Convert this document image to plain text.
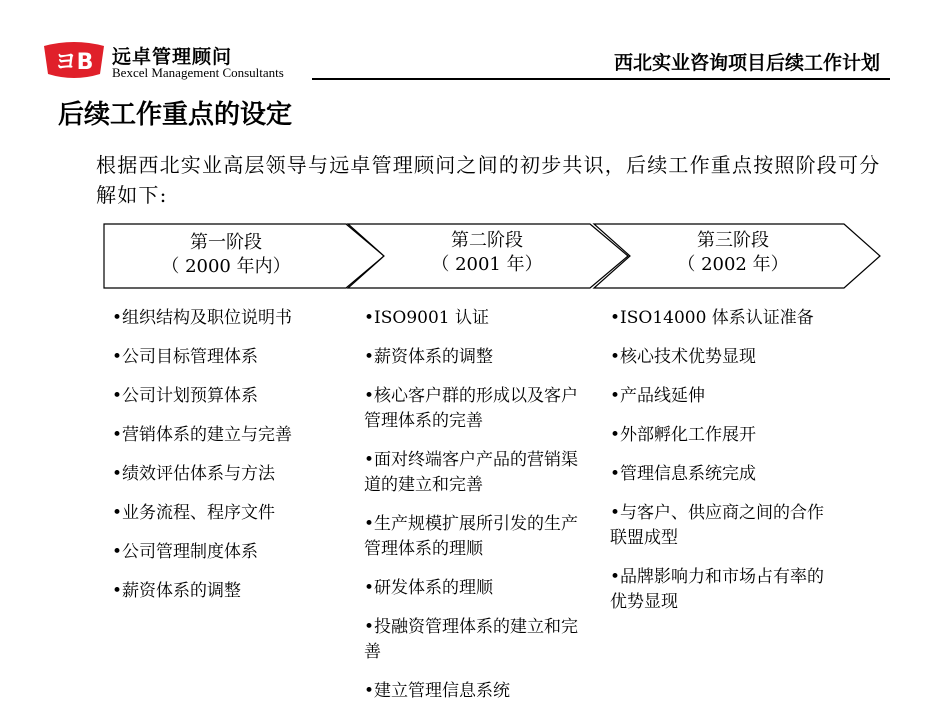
ヨB 远卓管理顾问
Bexcel Management Consultants	西北实业咨询项目后续工作计划
后续工作重点的设定
根据西北实业高层领导与远卓管理顾问之间的初步共识，后续工作重点按照阶段可分解如下:
第一阶段
（ 2000 年内）
第二阶段
（ 2001 年）
第三阶段
（ 2002 年）
•组织结构及职位说明书
•公司目标管理体系
•公司计划预算体系
•营销体系的建立与完善
•绩效评估体系与方法
•业务流程、程序文件
•公司管理制度体系
•薪资体系的调整
•ISO9001 认证
•薪资体系的调整
•核心客户群的形成以及客户管理体系的完善
•面对终端客户产品的营销渠道的建立和完善
•生产规模扩展所引发的生产管理体系的理顺
•研发体系的理顺
•投融资管理体系的建立和完善
•建立管理信息系统
•ISO14000 体系认证准备
•核心技术优势显现
•产品线延伸
•外部孵化工作展开
•管理信息系统完成
•与客户、供应商之间的合作联盟成型
•品牌影响力和市场占有率的优势显现
